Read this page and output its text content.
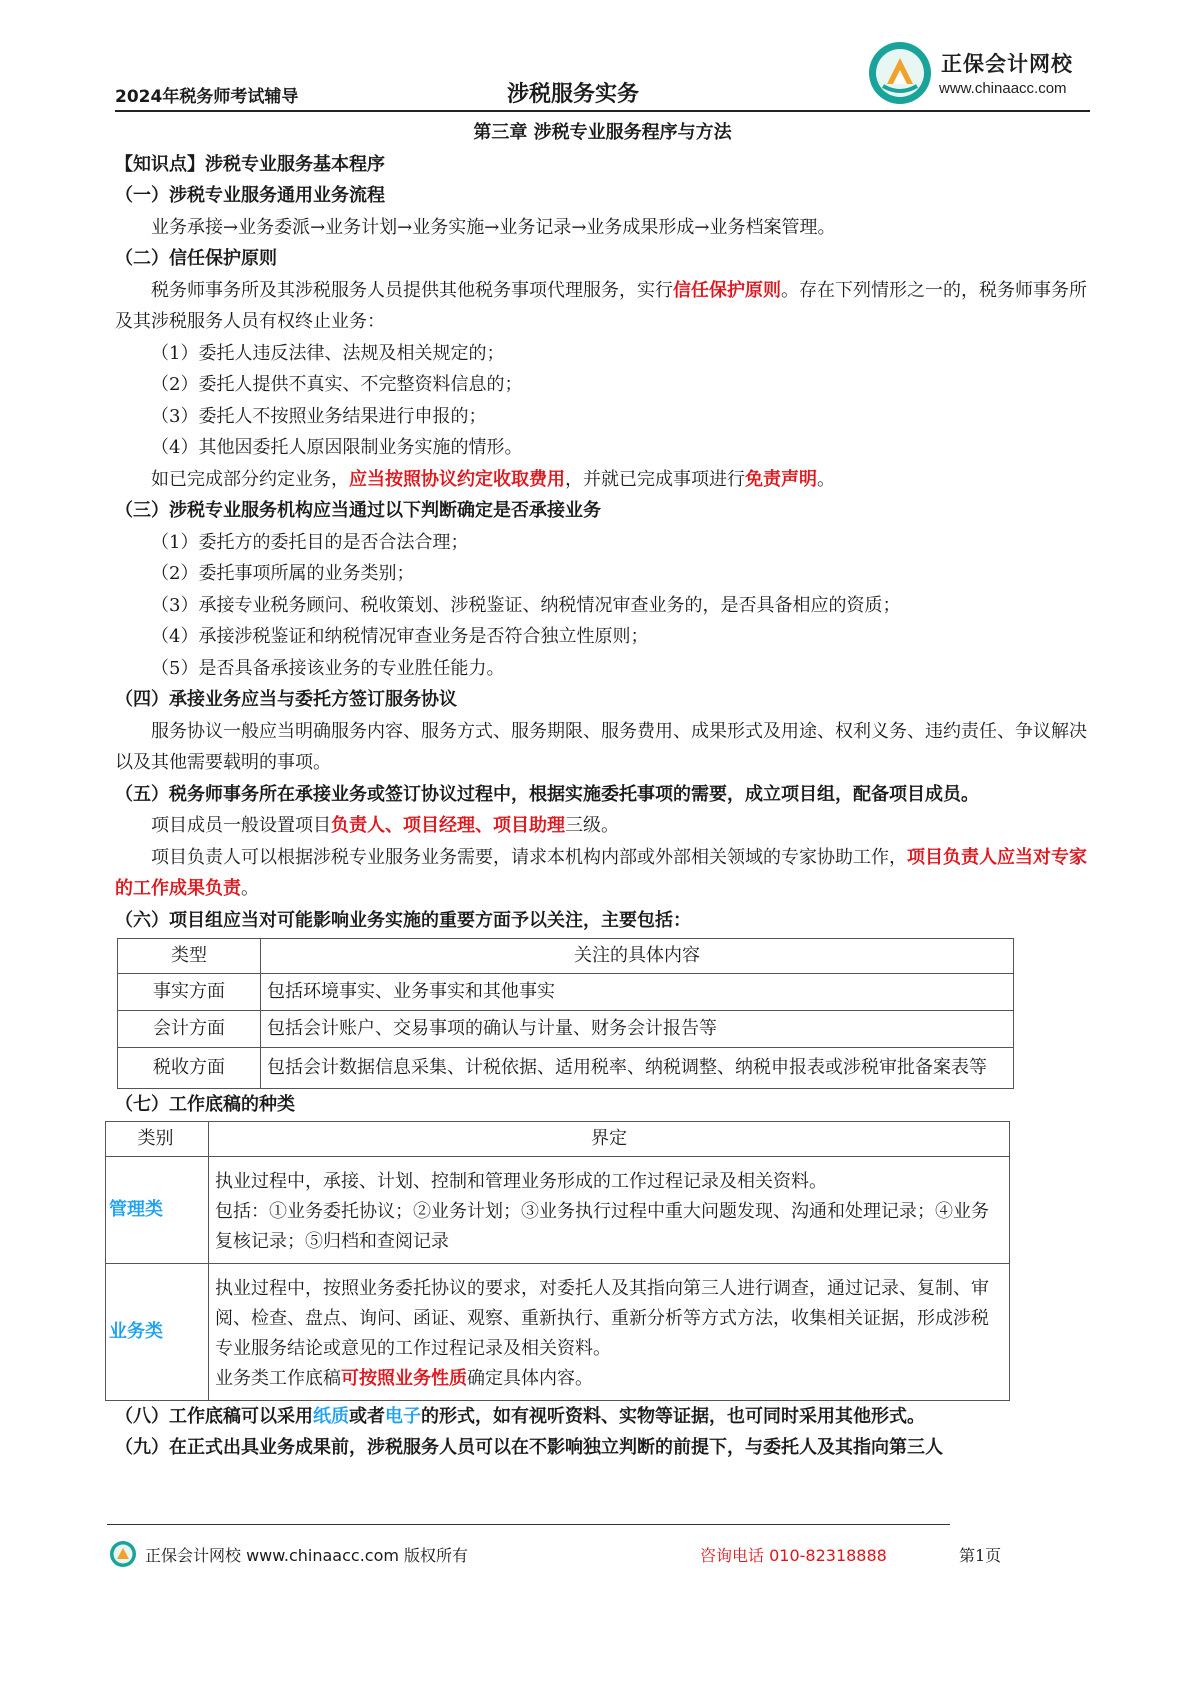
2024年税务师考试辅导	涉税服务实务
正保会计网校
www.chinaacc.com
第三章 涉税专业服务程序与方法
【知识点】涉税专业服务基本程序
（一）涉税专业服务通用业务流程
业务承接→业务委派→业务计划→业务实施→业务记录→业务成果形成→业务档案管理。
（二）信任保护原则
税务师事务所及其涉税服务人员提供其他税务事项代理服务，实行信任保护原则。存在下列情形之一的，税务师事务所及其涉税服务人员有权终止业务：
（1）委托人违反法律、法规及相关规定的；
（2）委托人提供不真实、不完整资料信息的；
（3）委托人不按照业务结果进行申报的；
（4）其他因委托人原因限制业务实施的情形。
如已完成部分约定业务，应当按照协议约定收取费用，并就已完成事项进行免责声明。
（三）涉税专业服务机构应当通过以下判断确定是否承接业务
（1）委托方的委托目的是否合法合理；
（2）委托事项所属的业务类别；
（3）承接专业税务顾问、税收策划、涉税鉴证、纳税情况审查业务的，是否具备相应的资质；
（4）承接涉税鉴证和纳税情况审查业务是否符合独立性原则；
（5）是否具备承接该业务的专业胜任能力。
（四）承接业务应当与委托方签订服务协议
服务协议一般应当明确服务内容、服务方式、服务期限、服务费用、成果形式及用途、权利义务、违约责任、争议解决以及其他需要载明的事项。
（五）税务师事务所在承接业务或签订协议过程中，根据实施委托事项的需要，成立项目组，配备项目成员。
项目成员一般设置项目负责人、项目经理、项目助理三级。
项目负责人可以根据涉税专业服务业务需要，请求本机构内部或外部相关领域的专家协助工作，项目负责人应当对专家的工作成果负责。
（六）项目组应当对可能影响业务实施的重要方面予以关注，主要包括：
类型	关注的具体内容
事实方面	包括环境事实、业务事实和其他事实
会计方面	包括会计账户、交易事项的确认与计量、财务会计报告等
税收方面	包括会计数据信息采集、计税依据、适用税率、纳税调整、纳税申报表或涉税审批备案表等
（七）工作底稿的种类
类别	界定
管理类	执业过程中，承接、计划、控制和管理业务形成的工作过程记录及相关资料。
包括：①业务委托协议；②业务计划；③业务执行过程中重大问题发现、沟通和处理记录；④业务复核记录；⑤归档和查阅记录

业务类	执业过程中，按照业务委托协议的要求，对委托人及其指向第三人进行调查，通过记录、复制、审阅、检查、盘点、询问、函证、观察、重新执行、重新分析等方式方法，收集相关证据，形成涉税专业服务结论或意见的工作过程记录及相关资料。
业务类工作底稿可按照业务性质确定具体内容。
（八）工作底稿可以采用纸质或者电子的形式，如有视听资料、实物等证据，也可同时采用其他形式。
（九）在正式出具业务成果前，涉税服务人员可以在不影响独立判断的前提下，与委托人及其指向第三人
正保会计网校 www.chinaacc.com 版权所有	咨询电话 010-82318888	第1页
